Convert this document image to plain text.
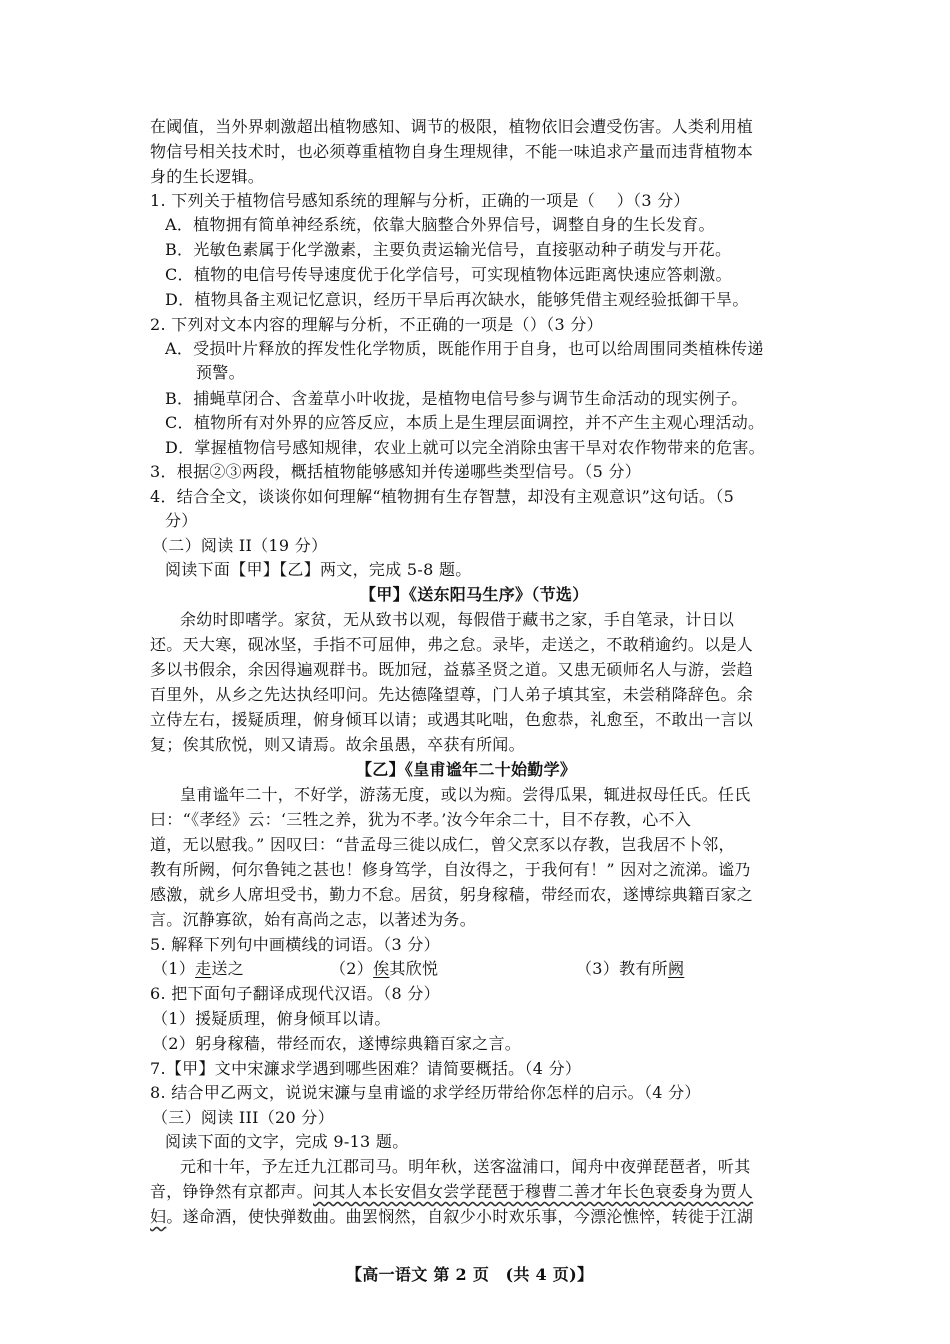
在阈值，当外界刺激超出植物感知、调节的极限，植物依旧会遭受伤害。人类利用植
物信号相关技术时，也必须尊重植物自身生理规律，不能一味追求产量而违背植物本
身的生长逻辑。
1. 下列关于植物信号感知系统的理解与分析，正确的一项是（　 ）（3 分）
A．植物拥有简单神经系统，依靠大脑整合外界信号，调整自身的生长发育。
B．光敏色素属于化学激素，主要负责运输光信号，直接驱动种子萌发与开花。
C．植物的电信号传导速度优于化学信号，可实现植物体远距离快速应答刺激。
D．植物具备主观记忆意识，经历干旱后再次缺水，能够凭借主观经验抵御干旱。
2. 下列对文本内容的理解与分析，不正确的一项是（）（3 分）
A．受损叶片释放的挥发性化学物质，既能作用于自身，也可以给周围同类植株传递
预警。
B．捕蝇草闭合、含羞草小叶收拢，是植物电信号参与调节生命活动的现实例子。
C．植物所有对外界的应答反应，本质上是生理层面调控，并不产生主观心理活动。
D．掌握植物信号感知规律，农业上就可以完全消除虫害干旱对农作物带来的危害。
3．根据②③两段，概括植物能够感知并传递哪些类型信号。（5 分）
4．结合全文，谈谈你如何理解“植物拥有生存智慧，却没有主观意识”这句话。（5
分）
（二）阅读 II（19 分）
阅读下面【甲】【乙】两文，完成 5-8 题。
【甲】《送东阳马生序》（节选）
余幼时即嗜学。家贫，无从致书以观，每假借于藏书之家，手自笔录，计日以
还。天大寒，砚冰坚，手指不可屈伸，弗之怠。录毕，走送之，不敢稍逾约。以是人
多以书假余，余因得遍观群书。既加冠，益慕圣贤之道。又患无硕师名人与游，尝趋
百里外，从乡之先达执经叩问。先达德隆望尊，门人弟子填其室，未尝稍降辞色。余
立侍左右，援疑质理，俯身倾耳以请；或遇其叱咄，色愈恭，礼愈至，不敢出一言以
复；俟其欣悦，则又请焉。故余虽愚，卒获有所闻。
【乙】《皇甫谧年二十始勤学》
皇甫谧年二十，不好学，游荡无度，或以为痴。尝得瓜果，辄进叔母任氏。任氏
曰：“《孝经》云：‘三牲之养，犹为不孝。’汝今年余二十，目不存教，心不入
道，无以慰我。” 因叹曰：“昔孟母三徙以成仁，曾父烹豕以存教，岂我居不卜邻，
教有所阙，何尔鲁钝之甚也！修身笃学，自汝得之，于我何有！” 因对之流涕。谧乃
感激，就乡人席坦受书，勤力不怠。居贫，躬身稼穑，带经而农，遂博综典籍百家之
言。沉静寡欲，始有高尚之志，以著述为务。
5. 解释下列句中画横线的词语。（3 分）
（1）走送之	（2）俟其欣悦	（3）教有所阙
6. 把下面句子翻译成现代汉语。（8 分）
（1）援疑质理，俯身倾耳以请。
（2）躬身稼穑，带经而农，遂博综典籍百家之言。
7.【甲】文中宋濂求学遇到哪些困难？请简要概括。（4 分）
8. 结合甲乙两文，说说宋濂与皇甫谧的求学经历带给你怎样的启示。（4 分）
（三）阅读 III（20 分）
阅读下面的文字，完成 9-13 题。
元和十年，予左迁九江郡司马。明年秋，送客湓浦口，闻舟中夜弹琵琶者，听其
音，铮铮然有京都声。问其人本长安倡女尝学琵琶于穆曹二善才年长色衰委身为贾人
妇。遂命酒，使快弹数曲。曲罢悯然，自叙少小时欢乐事，今漂沦憔悴，转徙于江湖
【高一语文 第 2 页　(共 4 页)】
